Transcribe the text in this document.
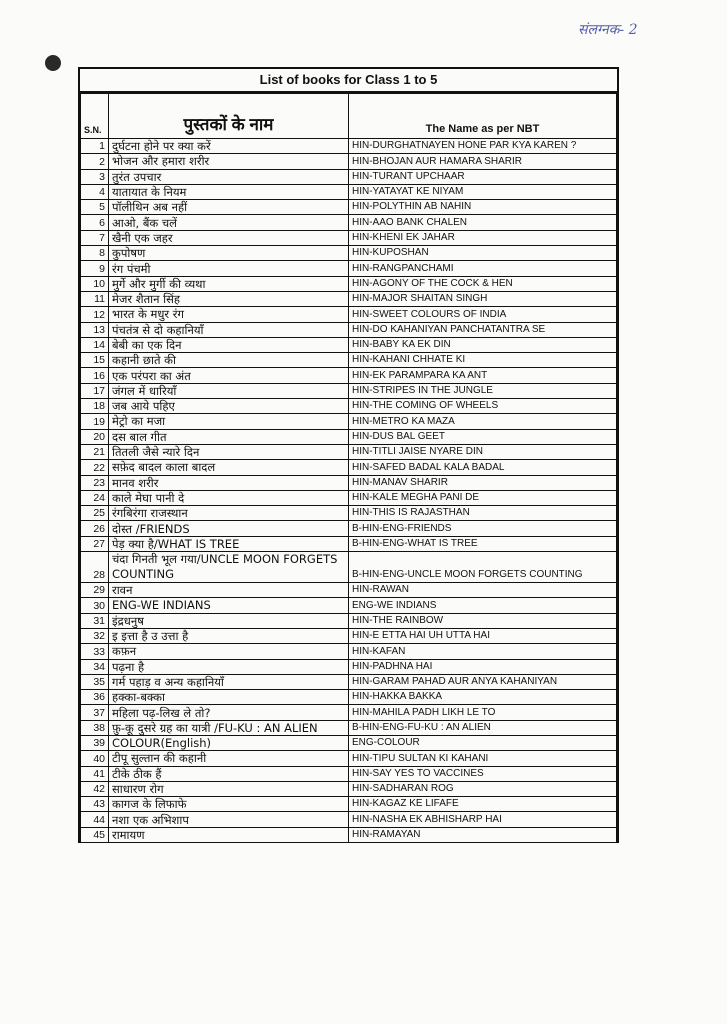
संलग्नक- 2
List of books for Class 1 to 5
S.N.	पुस्तकों के नाम	The Name as per NBT
1	दुर्घटना होने पर क्या करें	HIN-DURGHATNAYEN HONE PAR KYA KAREN ?
2	भोजन और हमारा शरीर	HIN-BHOJAN AUR HAMARA SHARIR
3	तुरंत उपचार	HIN-TURANT UPCHAAR
4	यातायात के नियम	HIN-YATAYAT KE NIYAM
5	पॉलीथिन अब नहीं	HIN-POLYTHIN AB NAHIN
6	आओ, बैंक चलें	HIN-AAO BANK CHALEN
7	खैनी एक जहर	HIN-KHENI EK JAHAR
8	कुपोषण	HIN-KUPOSHAN
9	रंग पंचमी	HIN-RANGPANCHAMI
10	मुर्गे और मुर्गी की व्यथा	HIN-AGONY OF THE COCK & HEN
11	मेजर शैतान सिंह	HIN-MAJOR SHAITAN SINGH
12	भारत के मधुर रंग	HIN-SWEET COLOURS OF INDIA
13	पंचतंत्र से दो कहानियाँ	HIN-DO KAHANIYAN PANCHATANTRA SE
14	बेबी का एक दिन	HIN-BABY KA EK DIN
15	कहानी छाते की	HIN-KAHANI CHHATE KI
16	एक परंपरा का अंत	HIN-EK PARAMPARA KA ANT
17	जंगल में धारियाँ	HIN-STRIPES IN THE JUNGLE
18	जब आये पहिए	HIN-THE COMING OF WHEELS
19	मेट्रो का मजा	HIN-METRO KA MAZA
20	दस बाल गीत	HIN-DUS BAL GEET
21	तितली जैसे न्यारे दिन	HIN-TITLI JAISE NYARE DIN
22	सफ़ेद बादल काला बादल	HIN-SAFED BADAL KALA BADAL
23	मानव शरीर	HIN-MANAV SHARIR
24	काले मेघा पानी दे	HIN-KALE MEGHA PANI DE
25	रंगबिरंगा राजस्थान	HIN-THIS IS RAJASTHAN
26	दोस्त /FRIENDS	B-HIN-ENG-FRIENDS
27	पेड़ क्या है/WHAT IS TREE	B-HIN-ENG-WHAT IS TREE
28	चंदा गिनती भूल गया/UNCLE MOON FORGETS COUNTING	B-HIN-ENG-UNCLE MOON FORGETS COUNTING
29	रावन	HIN-RAWAN
30	ENG-WE INDIANS	ENG-WE INDIANS
31	इंद्रधनुष	HIN-THE RAINBOW
32	इ इत्ता है उ उत्ता है	HIN-E ETTA HAI UH UTTA HAI
33	कफ़न	HIN-KAFAN
34	पढ़ना है	HIN-PADHNA HAI
35	गर्म पहाड़ व अन्य कहानियाँ	HIN-GARAM PAHAD AUR ANYA KAHANIYAN
36	हक्का-बक्का	HIN-HAKKA BAKKA
37	महिला पढ़-लिख ले तो?	HIN-MAHILA PADH LIKH LE TO
38	फ़ु-कू दुसरे ग्रह का यात्री /FU-KU : AN ALIEN	B-HIN-ENG-FU-KU : AN ALIEN
39	COLOUR(English)	ENG-COLOUR
40	टीपू सुल्तान की कहानी	HIN-TIPU SULTAN KI KAHANI
41	टीके ठीक हैं	HIN-SAY YES TO VACCINES
42	साधारण रोग	HIN-SADHARAN ROG
43	कागज के लिफाफे	HIN-KAGAZ KE LIFAFE
44	नशा एक अभिशाप	HIN-NASHA EK ABHISHARP HAI
45	रामायण	HIN-RAMAYAN
